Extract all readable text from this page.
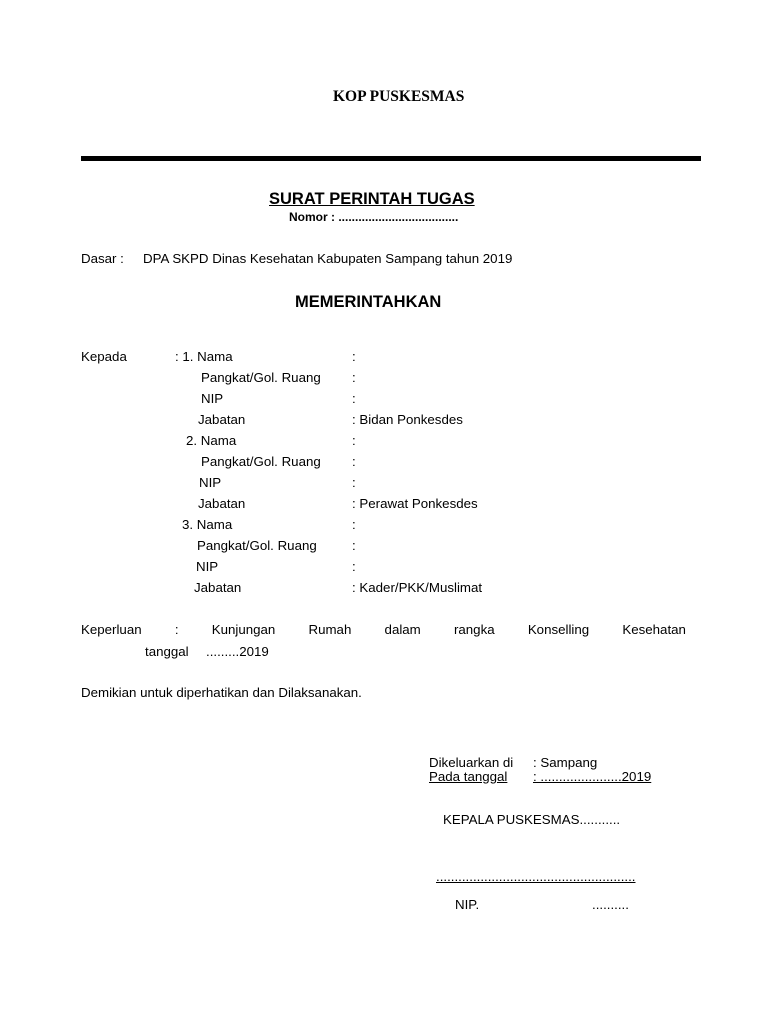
KOP PUSKESMAS
SURAT PERINTAH TUGAS
Nomor : ....................................
Dasar : DPA SKPD Dinas Kesehatan Kabupaten Sampang tahun 2019
MEMERINTAHKAN
Kepada	: 1. Nama	:
Pangkat/Gol. Ruang :
NIP	:
Jabatan	: Bidan Ponkesdes
2. Nama	:
Pangkat/Gol. Ruang :
NIP	:
Jabatan	: Perawat Ponkesdes
3. Nama	:
Pangkat/Gol. Ruang	:
NIP	:
Jabatan	: Kader/PKK/Muslimat
Keperluan : Kunjungan Rumah dalam rangka Konselling Kesehatan
tanggal .........2019
Demikian untuk diperhatikan dan Dilaksanakan.
Dikeluarkan di : Sampang
Pada tanggal : ......................2019
KEPALA PUSKESMAS...........
......................................................
NIP.	..........
